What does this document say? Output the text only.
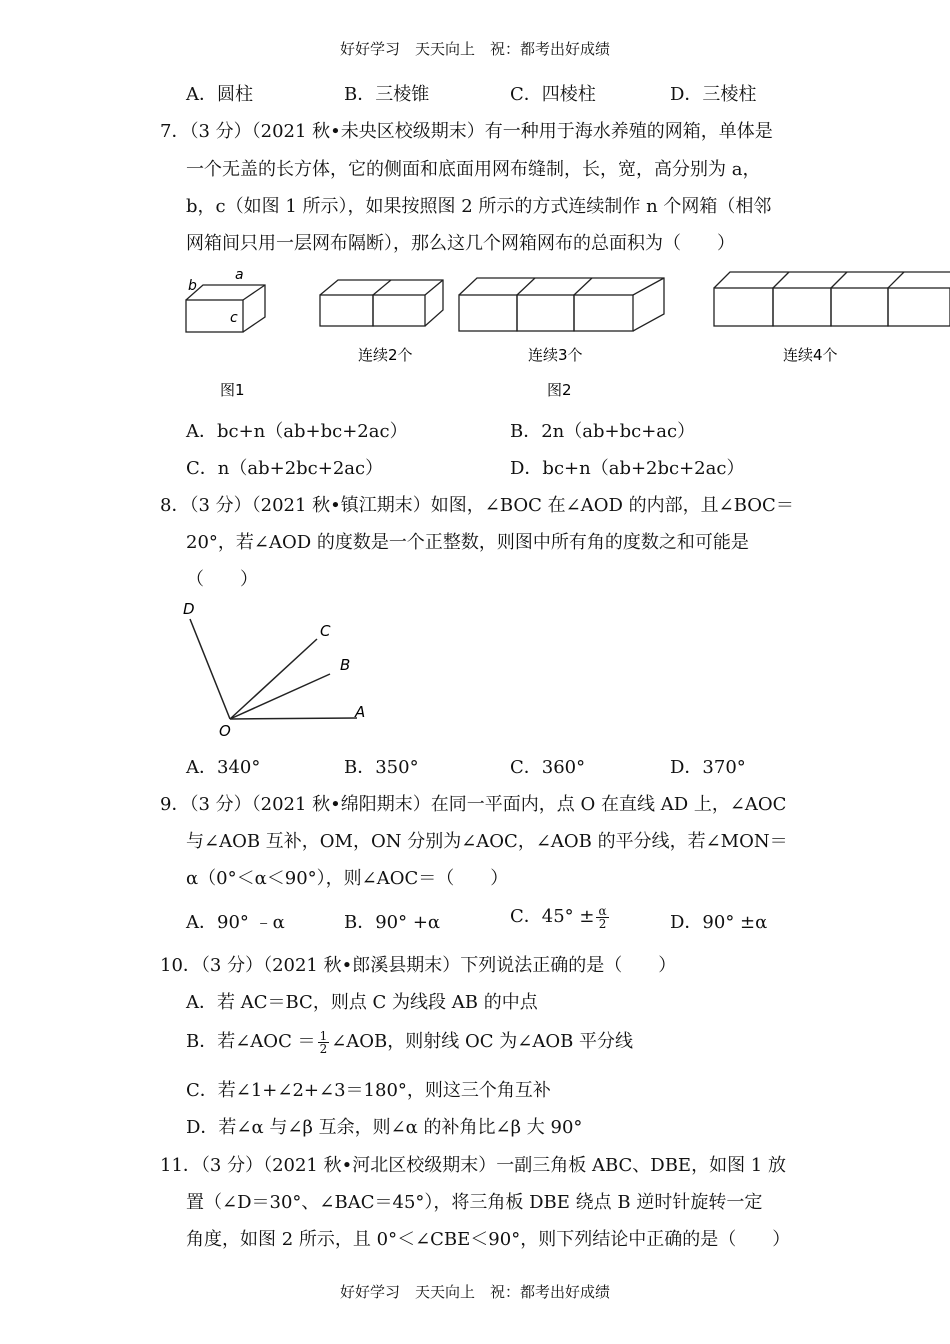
好好学习　天天向上　祝：都考出好成绩
A．圆柱	B．三棱锥	C．四棱柱	D．三棱柱
7．（3 分）（2021 秋•未央区校级期末）有一种用于海水养殖的网箱，单体是
一个无盖的长方体，它的侧面和底面用网布缝制，长，宽，高分别为 a，
b，c（如图 1 所示），如果按照图 2 所示的方式连续制作 n 个网箱（相邻
网箱间只用一层网布隔断），那么这几个网箱网布的总面积为（　　）
b
a
c
图1
连续2个	连续3个
图2
连续4个
A．bc+n（ab+bc+2ac）	B．2n（ab+bc+ac）
C．n（ab+2bc+2ac）	D．bc+n（ab+2bc+2ac）
8．（3 分）（2021 秋•镇江期末）如图，∠BOC 在∠AOD 的内部，且∠BOC＝
20°，若∠AOD 的度数是一个正整数，则图中所有角的度数之和可能是
（　　）
D
C
B
A
O
A．340°	B．350°	C．360°	D．370°
9．（3 分）（2021 秋•绵阳期末）在同一平面内，点 O 在直线 AD 上，∠AOC
与∠AOB 互补，OM，ON 分别为∠AOC，∠AOB 的平分线，若∠MON＝
α（0°＜α＜90°），则∠AOC＝（　　）
A．90° ﹣α	B．90° +α	C．$45^\circ \pm \frac{\alpha}{2}$	D．90° ±α
10．（3 分）（2021 秋•郎溪县期末）下列说法正确的是（　　）
A．若 AC＝BC，则点 C 为线段 AB 的中点
B．若∠AOC ＝ $\frac{1}{2}$ ∠AOB，则射线 OC 为∠AOB 平分线
C．若∠1+∠2+∠3＝180°，则这三个角互补
D．若∠α 与∠β 互余，则∠α 的补角比∠β 大 90°
11．（3 分）（2021 秋•河北区校级期末）一副三角板 ABC、DBE，如图 1 放
置（∠D＝30°、∠BAC＝45°），将三角板 DBE 绕点 B 逆时针旋转一定
角度，如图 2 所示，且 0°＜∠CBE＜90°，则下列结论中正确的是（　　）
好好学习　天天向上　祝：都考出好成绩
